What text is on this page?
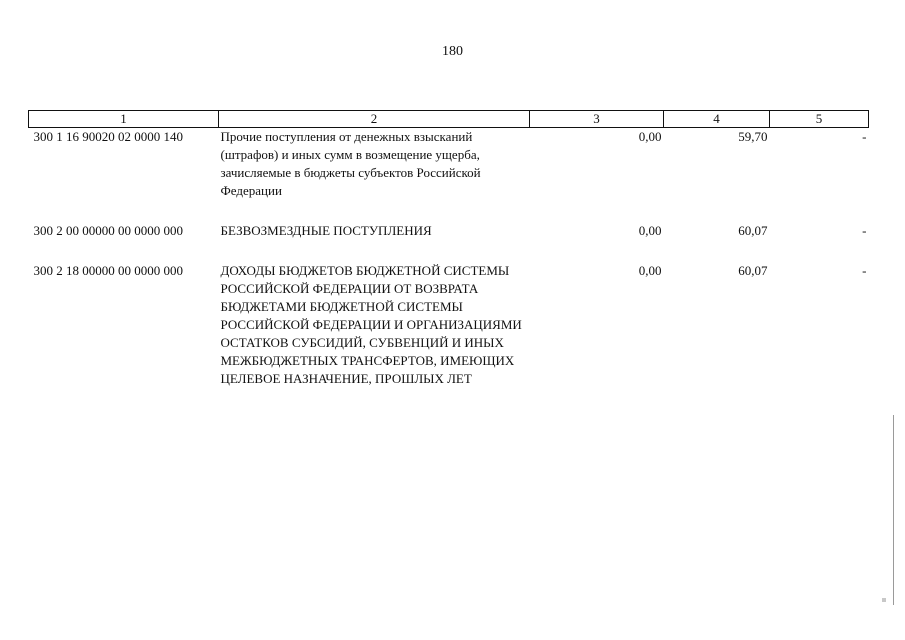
180
1	2	3	4	5
300 1 16 90020 02 0000 140	Прочие поступления от денежных взысканий (штрафов) и иных сумм в возмещение ущерба, зачисляемые в бюджеты субъектов Российской Федерации	0,00	59,70	-

300 2 00 00000 00 0000 000	БЕЗВОЗМЕЗДНЫЕ ПОСТУПЛЕНИЯ	0,00	60,07	-

300 2 18 00000 00 0000 000	ДОХОДЫ БЮДЖЕТОВ БЮДЖЕТНОЙ СИСТЕМЫ РОССИЙСКОЙ ФЕДЕРАЦИИ ОТ ВОЗВРАТА БЮДЖЕТАМИ БЮДЖЕТНОЙ СИСТЕМЫ РОССИЙСКОЙ ФЕДЕРАЦИИ И ОРГАНИЗАЦИЯМИ ОСТАТКОВ СУБСИДИЙ, СУБВЕНЦИЙ И ИНЫХ МЕЖБЮДЖЕТНЫХ ТРАНСФЕРТОВ, ИМЕЮЩИХ ЦЕЛЕВОЕ НАЗНАЧЕНИЕ, ПРОШЛЫХ ЛЕТ	0,00	60,07	-
